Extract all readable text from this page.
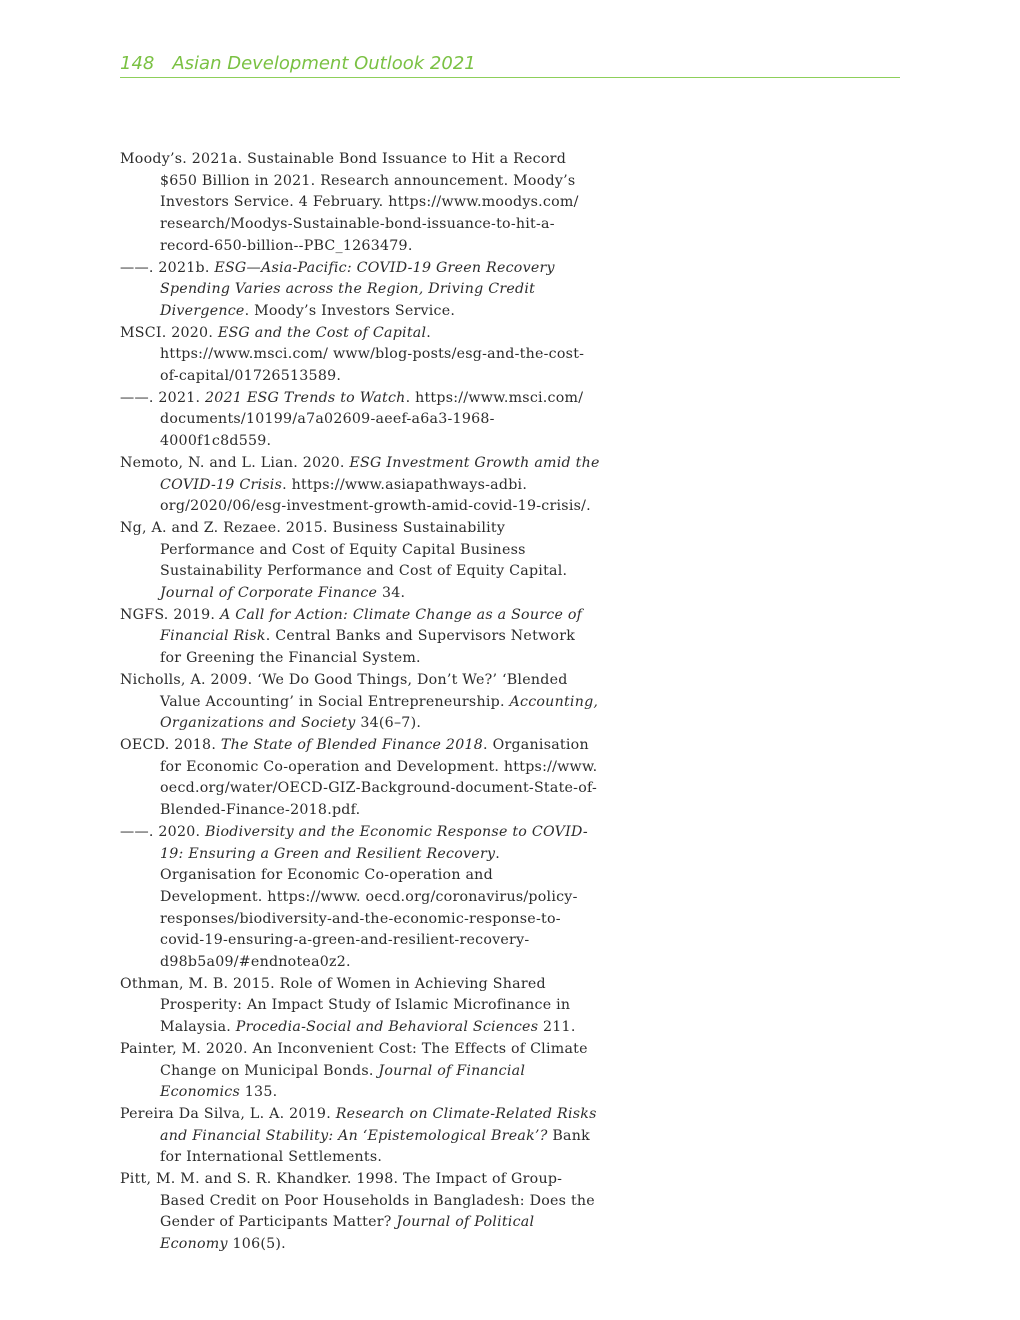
148 Asian Development Outlook 2021

Moody’s. 2021a. Sustainable Bond Issuance to Hit a Record $650 Billion in 2021. Research announcement. Moody’s Investors Service. 4 February. https://www.moodys.com/ research/Moodys-Sustainable-bond-issuance-to-hit-a-record-650-billion--PBC_1263479.

——. 2021b. ESG—Asia-Pacific: COVID-19 Green Recovery Spending Varies across the Region, Driving Credit Divergence. Moody’s Investors Service.

MSCI. 2020. ESG and the Cost of Capital. https://www.msci.com/ www/blog-posts/esg-and-the-cost-of-capital/01726513589.

——. 2021. 2021 ESG Trends to Watch. https://www.msci.com/ documents/10199/a7a02609-aeef-a6a3-1968-4000f1c8d559.

Nemoto, N. and L. Lian. 2020. ESG Investment Growth amid the COVID-19 Crisis. https://www.asiapathways-adbi. org/2020/06/esg-investment-growth-amid-covid-19-crisis/.

Ng, A. and Z. Rezaee. 2015. Business Sustainability Performance and Cost of Equity Capital Business Sustainability Performance and Cost of Equity Capital. Journal of Corporate Finance 34.

NGFS. 2019. A Call for Action: Climate Change as a Source of Financial Risk. Central Banks and Supervisors Network for Greening the Financial System.

Nicholls, A. 2009. ‘We Do Good Things, Don’t We?’ ‘Blended Value Accounting’ in Social Entrepreneurship. Accounting, Organizations and Society 34(6–7).

OECD. 2018. The State of Blended Finance 2018. Organisation for Economic Co-operation and Development. https://www. oecd.org/water/OECD-GIZ-Background-document-State-of-Blended-Finance-2018.pdf.

——. 2020. Biodiversity and the Economic Response to COVID-19: Ensuring a Green and Resilient Recovery. Organisation for Economic Co-operation and Development. https://www. oecd.org/coronavirus/policy-responses/biodiversity-and-the-economic-response-to-covid-19-ensuring-a-green-and-resilient-recovery-d98b5a09/#endnotea0z2.

Othman, M. B. 2015. Role of Women in Achieving Shared Prosperity: An Impact Study of Islamic Microfinance in Malaysia. Procedia-Social and Behavioral Sciences 211.

Painter, M. 2020. An Inconvenient Cost: The Effects of Climate Change on Municipal Bonds. Journal of Financial Economics 135.

Pereira Da Silva, L. A. 2019. Research on Climate-Related Risks and Financial Stability: An ‘Epistemological Break’? Bank for International Settlements.

Pitt, M. M. and S. R. Khandker. 1998. The Impact of Group-Based Credit on Poor Households in Bangladesh: Does the Gender of Participants Matter? Journal of Political Economy 106(5).
